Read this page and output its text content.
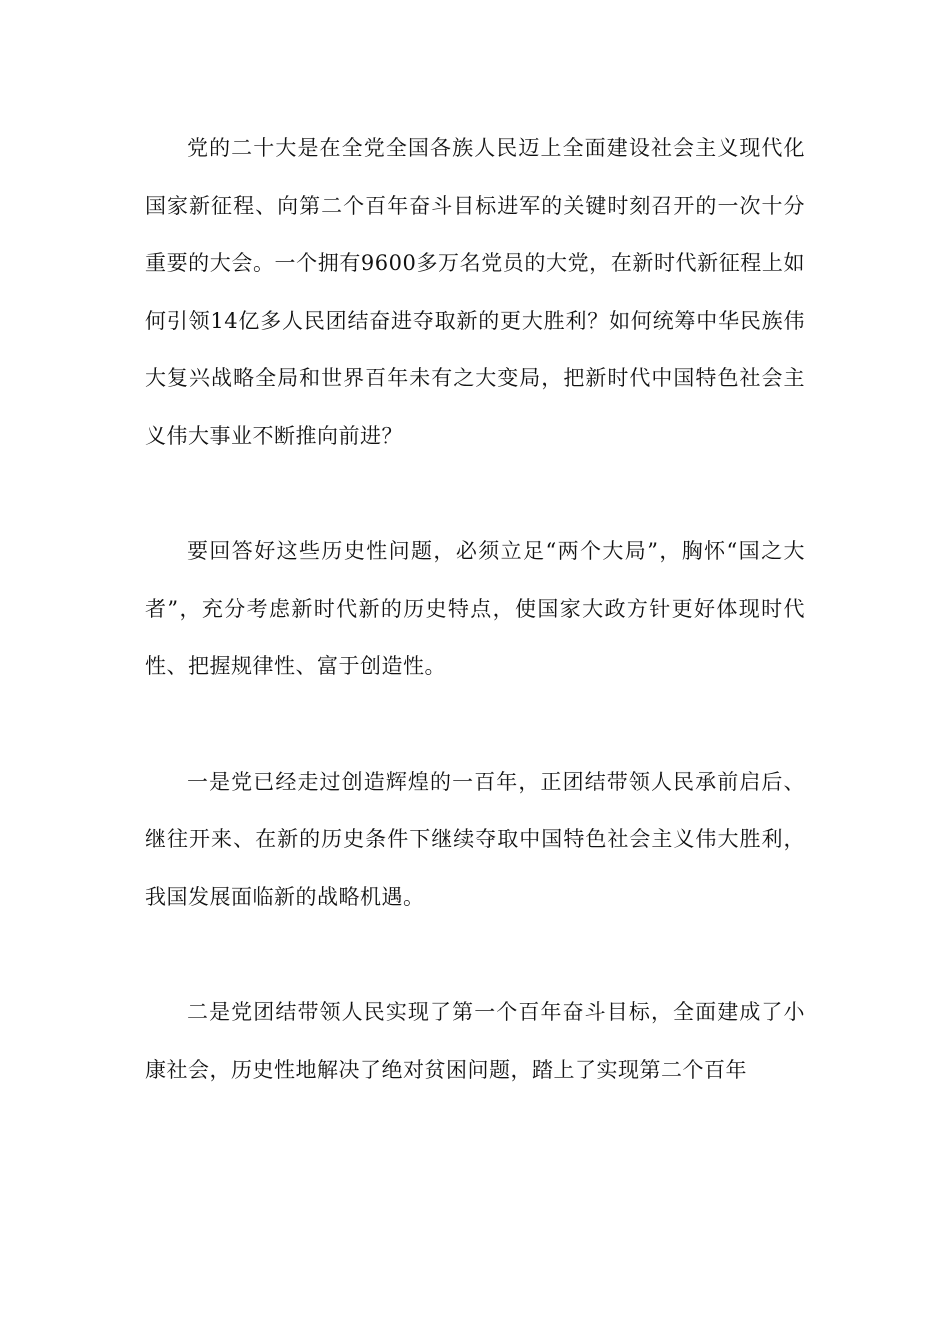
党的二十大是在全党全国各族人民迈上全面建设社会主义现代化国家新征程、向第二个百年奋斗目标进军的关键时刻召开的一次十分重要的大会。一个拥有9600多万名党员的大党，在新时代新征程上如何引领14亿多人民团结奋进夺取新的更大胜利？如何统筹中华民族伟大复兴战略全局和世界百年未有之大变局，把新时代中国特色社会主义伟大事业不断推向前进？

要回答好这些历史性问题，必须立足“两个大局”，胸怀“国之大者”，充分考虑新时代新的历史特点，使国家大政方针更好体现时代性、把握规律性、富于创造性。

一是党已经走过创造辉煌的一百年，正团结带领人民承前启后、继往开来、在新的历史条件下继续夺取中国特色社会主义伟大胜利，我国发展面临新的战略机遇。

二是党团结带领人民实现了第一个百年奋斗目标，全面建成了小康社会，历史性地解决了绝对贫困问题，踏上了实现第二个百年
